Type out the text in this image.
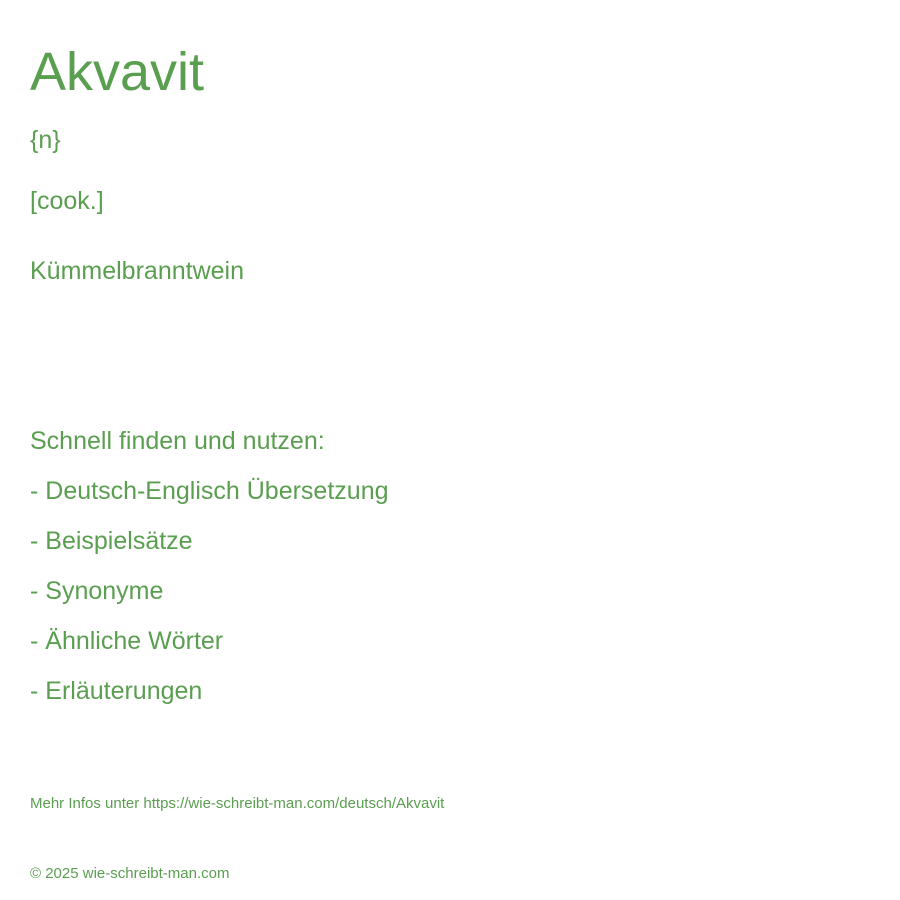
Akvavit
{n}
[cook.]
Kümmelbranntwein
Schnell finden und nutzen:
- Deutsch-Englisch Übersetzung
- Beispielsätze
- Synonyme
- Ähnliche Wörter
- Erläuterungen
Mehr Infos unter https://wie-schreibt-man.com/deutsch/Akvavit
© 2025 wie-schreibt-man.com
